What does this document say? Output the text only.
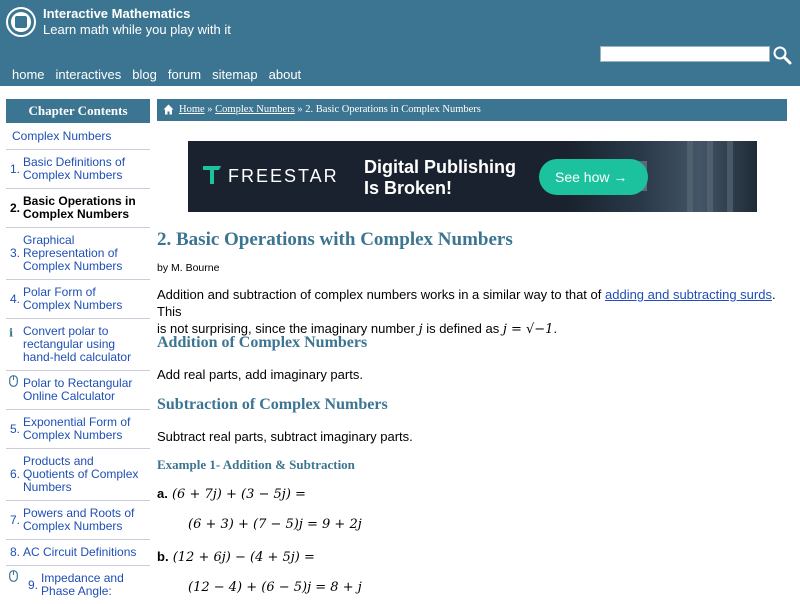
Interactive Mathematics
Learn math while you play with it
home interactives blog forum sitemap about
Chapter Contents
Complex Numbers
1. Basic Definitions of Complex Numbers
2. Basic Operations in Complex Numbers
3.
Graphical Representation of Complex Numbers
4. Polar Form of Complex Numbers
i Convert polar to rectangular using hand-held calculator
Polar to Rectangular Online Calculator
5. Exponential Form of Complex Numbers
6.
Products and Quotients of Complex Numbers
7. Powers and Roots of Complex Numbers
8. AC Circuit Definitions
9. Impedance and Phase Angle:
Home » Complex Numbers » 2. Basic Operations in Complex Numbers
FREESTAR Digital Publishing
Is Broken!
See how →
2. Basic Operations with Complex Numbers
by M. Bourne
Addition and subtraction of complex numbers works in a similar way to that of adding and subtracting surds. This
is not surprising, since the imaginary number j is defined as j = √−1.
Addition of Complex Numbers
Add real parts, add imaginary parts.
Subtraction of Complex Numbers
Subtract real parts, subtract imaginary parts.
Example 1- Addition & Subtraction
a. (6 + 7j) + (3 − 5j) =
(6 + 3) + (7 − 5)j = 9 + 2j
b. (12 + 6j) − (4 + 5j) =
(12 − 4) + (6 − 5)j = 8 + j
